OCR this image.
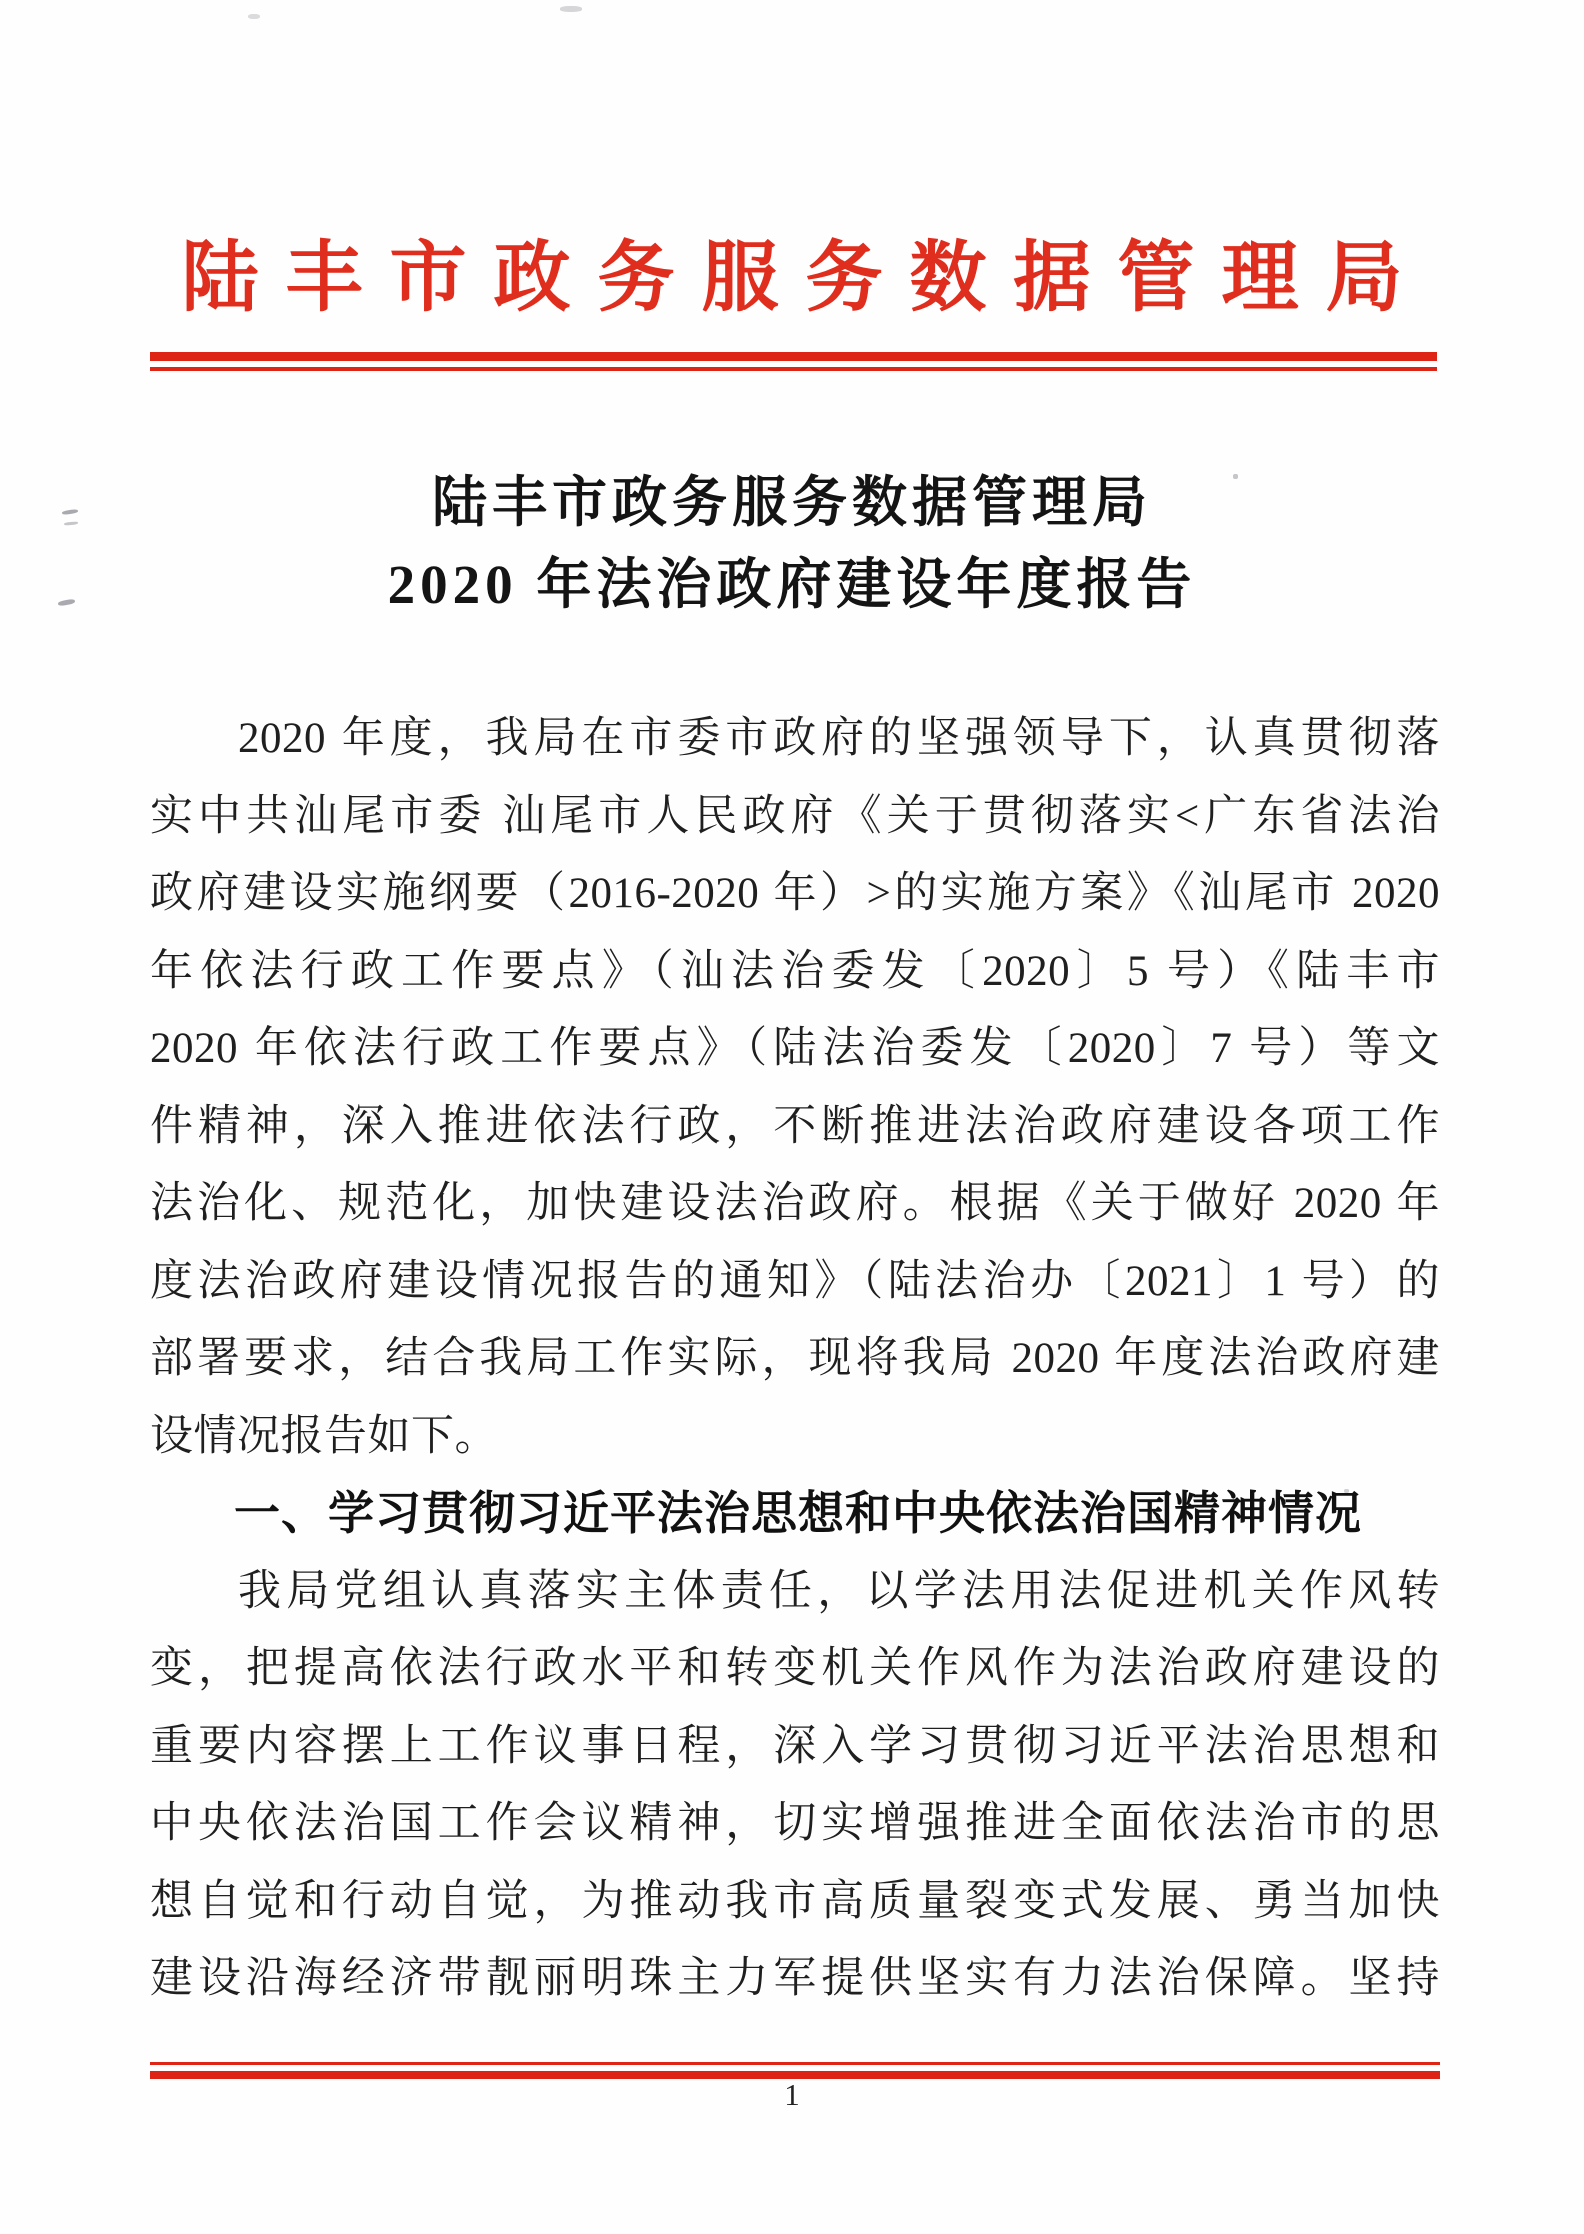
陆丰市政务服务数据管理局
陆丰市政务服务数据管理局
2020 年法治政府建设年度报告
2020 年度，我局在市委市政府的坚强领导下，认真贯彻落
实中共汕尾市委 汕尾市人民政府《关于贯彻落实<广东省法治
政府建设实施纲要（2016-2020 年）>的实施方案》《汕尾市 2020
年依法行政工作要点》（汕法治委发〔2020〕5 号）《陆丰市
2020 年依法行政工作要点》（陆法治委发〔2020〕7 号）等文
件精神，深入推进依法行政，不断推进法治政府建设各项工作
法治化、规范化，加快建设法治政府。根据《关于做好 2020 年
度法治政府建设情况报告的通知》（陆法治办〔2021〕1 号）的
部署要求，结合我局工作实际，现将我局 2020 年度法治政府建
设情况报告如下。
一、学习贯彻习近平法治思想和中央依法治国精神情况
我局党组认真落实主体责任，以学法用法促进机关作风转
变，把提高依法行政水平和转变机关作风作为法治政府建设的
重要内容摆上工作议事日程，深入学习贯彻习近平法治思想和
中央依法治国工作会议精神，切实增强推进全面依法治市的思
想自觉和行动自觉，为推动我市高质量裂变式发展、勇当加快
建设沿海经济带靓丽明珠主力军提供坚实有力法治保障。坚持
1
